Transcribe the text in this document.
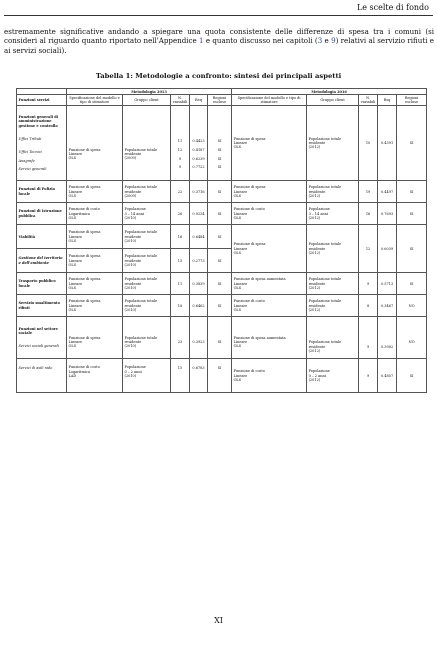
Le scelte di fondo

estremamente significative andando a spiegare una quota consistente delle differenze di spesa tra i comuni (si consideri al riguardo quanto riportato nell'Appendice 1 e quanto discusso nei capitoli (3 e 9) relativi al servizio rifiuti e ai servizi sociali).

Tabella 1: Metodologie a confronto: sintesi dei principali aspetti
	Metodologia 2013					Metodologia 2016				
Funzioni servizi	Specificazione del modello e tipo di stimatore	Gruppo client	N. variabili	Req	Regioni escluse	Specificazione del modello e tipo di stimatore	Gruppo client	N. variabili	Rsq	Regioni escluse

Funzioni generali di amministrazione gestione e controllo
Uffici Tributi
Uffici Tecnici
Anagrafe
Servizi generali	Funzione di spesa
Lineare
OLS	Popolazione totale
residente
(2009)	11
12
9
9	0.4423
0.4187
0.6239
0.7722	SI
SI
SI
SI	Funzione di spesa
Lineare
OLS	Popolazione totale
residente
(2012)	10	0.4391	SI
Funzioni di Polizia locale	Funzione di spesa
Lineare
OLS	Popolazione totale
residente
(2009)	22	0.3716	SI	Funzione di spesa
Lineare
OLS	Popolazione totale
residente
(2012)	19	0.4497	SI
Funzioni di Istruzione pubblica	Funzione di costo
Logaritmica
OLS	Popolazione
3 – 14 anni
(2010)	26	0.9234	SI	Funzione di costo
Lineare
OLS	Popolazione
3 – 14 anni
(2012)	16	0.7693	SI
Viabilità	Funzione di spesa
Lineare
OLS	Popolazione totale
residente
(2010)	16	0.6484	SI	Funzione di spesa
Lineare
OLS	Popolazione totale
residente
(2012)	12	0.6039	SI
Gestione del territorio e dell'ambiente	Funzione di spesa
Lineare
OLS	Popolazione totale
residente
(2010)	15	0.2773	SI					
Trasporto pubblico locale	Funzione di spesa
Lineare
OLS	Popolazione totale
residente
(2010)	11	0.3839	SI	Funzione di spesa aumentata
Lineare
OLS	Popolazione totale
residente
(2012)	9	0.5713	SI
Servizio smaltimento rifiuti	Funzione di spesa
Lineare
OLS	Popolazione totale
residente
(2010)	18	0.6462	SI	Funzione di costo
Lineare
OLS	Popolazione totale
residente
(2012)	8	0.3467	NO

Funzioni nel settore sociale
Servizi sociali generali	Funzione di spesa
Lineare
OLS	Popolazione totale
residente
(2010)	23	0.3923	SI	Funzione di spesa aumentata
Lineare
OLS	Popolazione totale
residente
(2012)	9	0.3902	NO

Servizi di asili nido	Funzione di costo
Logaritmica
LAD	Popolazione
0 – 2 anni
(2010)	15	0.6783	SI	Funzione di costo
Lineare
OLS	Popolazione
0 – 2 anni
(2012)	9	0.4857	SI
XI
